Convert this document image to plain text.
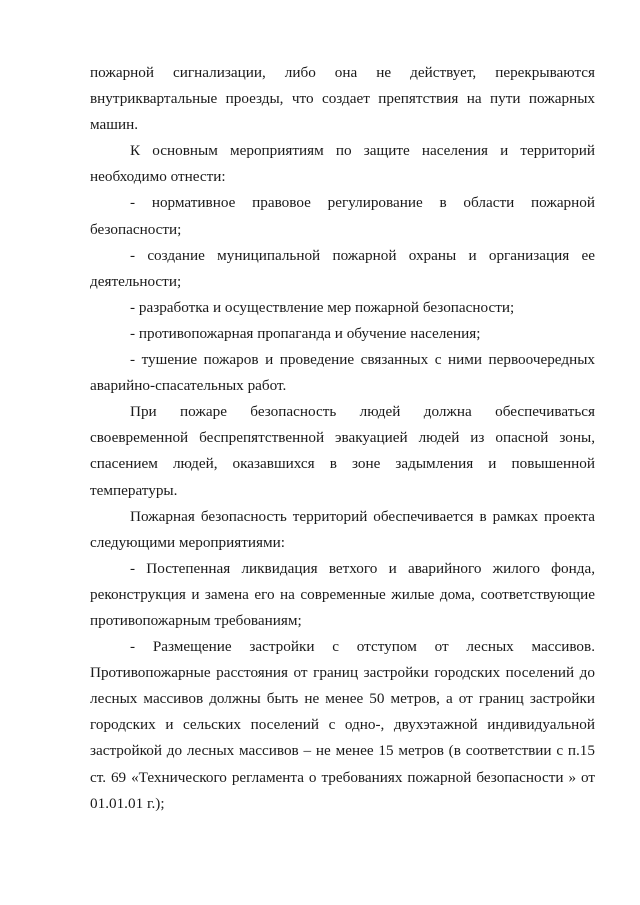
пожарной сигнализации, либо она не действует, перекрываются внутриквартальные проезды, что создает препятствия на пути пожарных машин.

К основным мероприятиям по защите населения и территорий необходимо отнести:

- нормативное правовое регулирование в области пожарной безопасности;

- создание муниципальной пожарной охраны и организация ее деятельности;

- разработка и осуществление мер пожарной безопасности;

- противопожарная пропаганда и обучение населения;

- тушение пожаров и проведение связанных с ними первоочередных аварийно-спасательных работ.

При пожаре безопасность людей должна обеспечиваться своевременной беспрепятственной эвакуацией людей из опасной зоны, спасением людей, оказавшихся в зоне задымления и повышенной температуры.

Пожарная безопасность территорий обеспечивается в рамках проекта следующими мероприятиями:

- Постепенная ликвидация ветхого и аварийного жилого фонда, реконструкция и замена его на современные жилые дома, соответствующие противопожарным требованиям;

- Размещение застройки с отступом от лесных массивов. Противопожарные расстояния от границ застройки городских поселений до лесных массивов должны быть не менее 50 метров, а от границ застройки городских и сельских поселений с одно-, двухэтажной индивидуальной застройкой до лесных массивов – не менее 15 метров (в соответствии с п.15 ст. 69 «Технического регламента о требованиях пожарной безопасности » от 01.01.01 г.);
